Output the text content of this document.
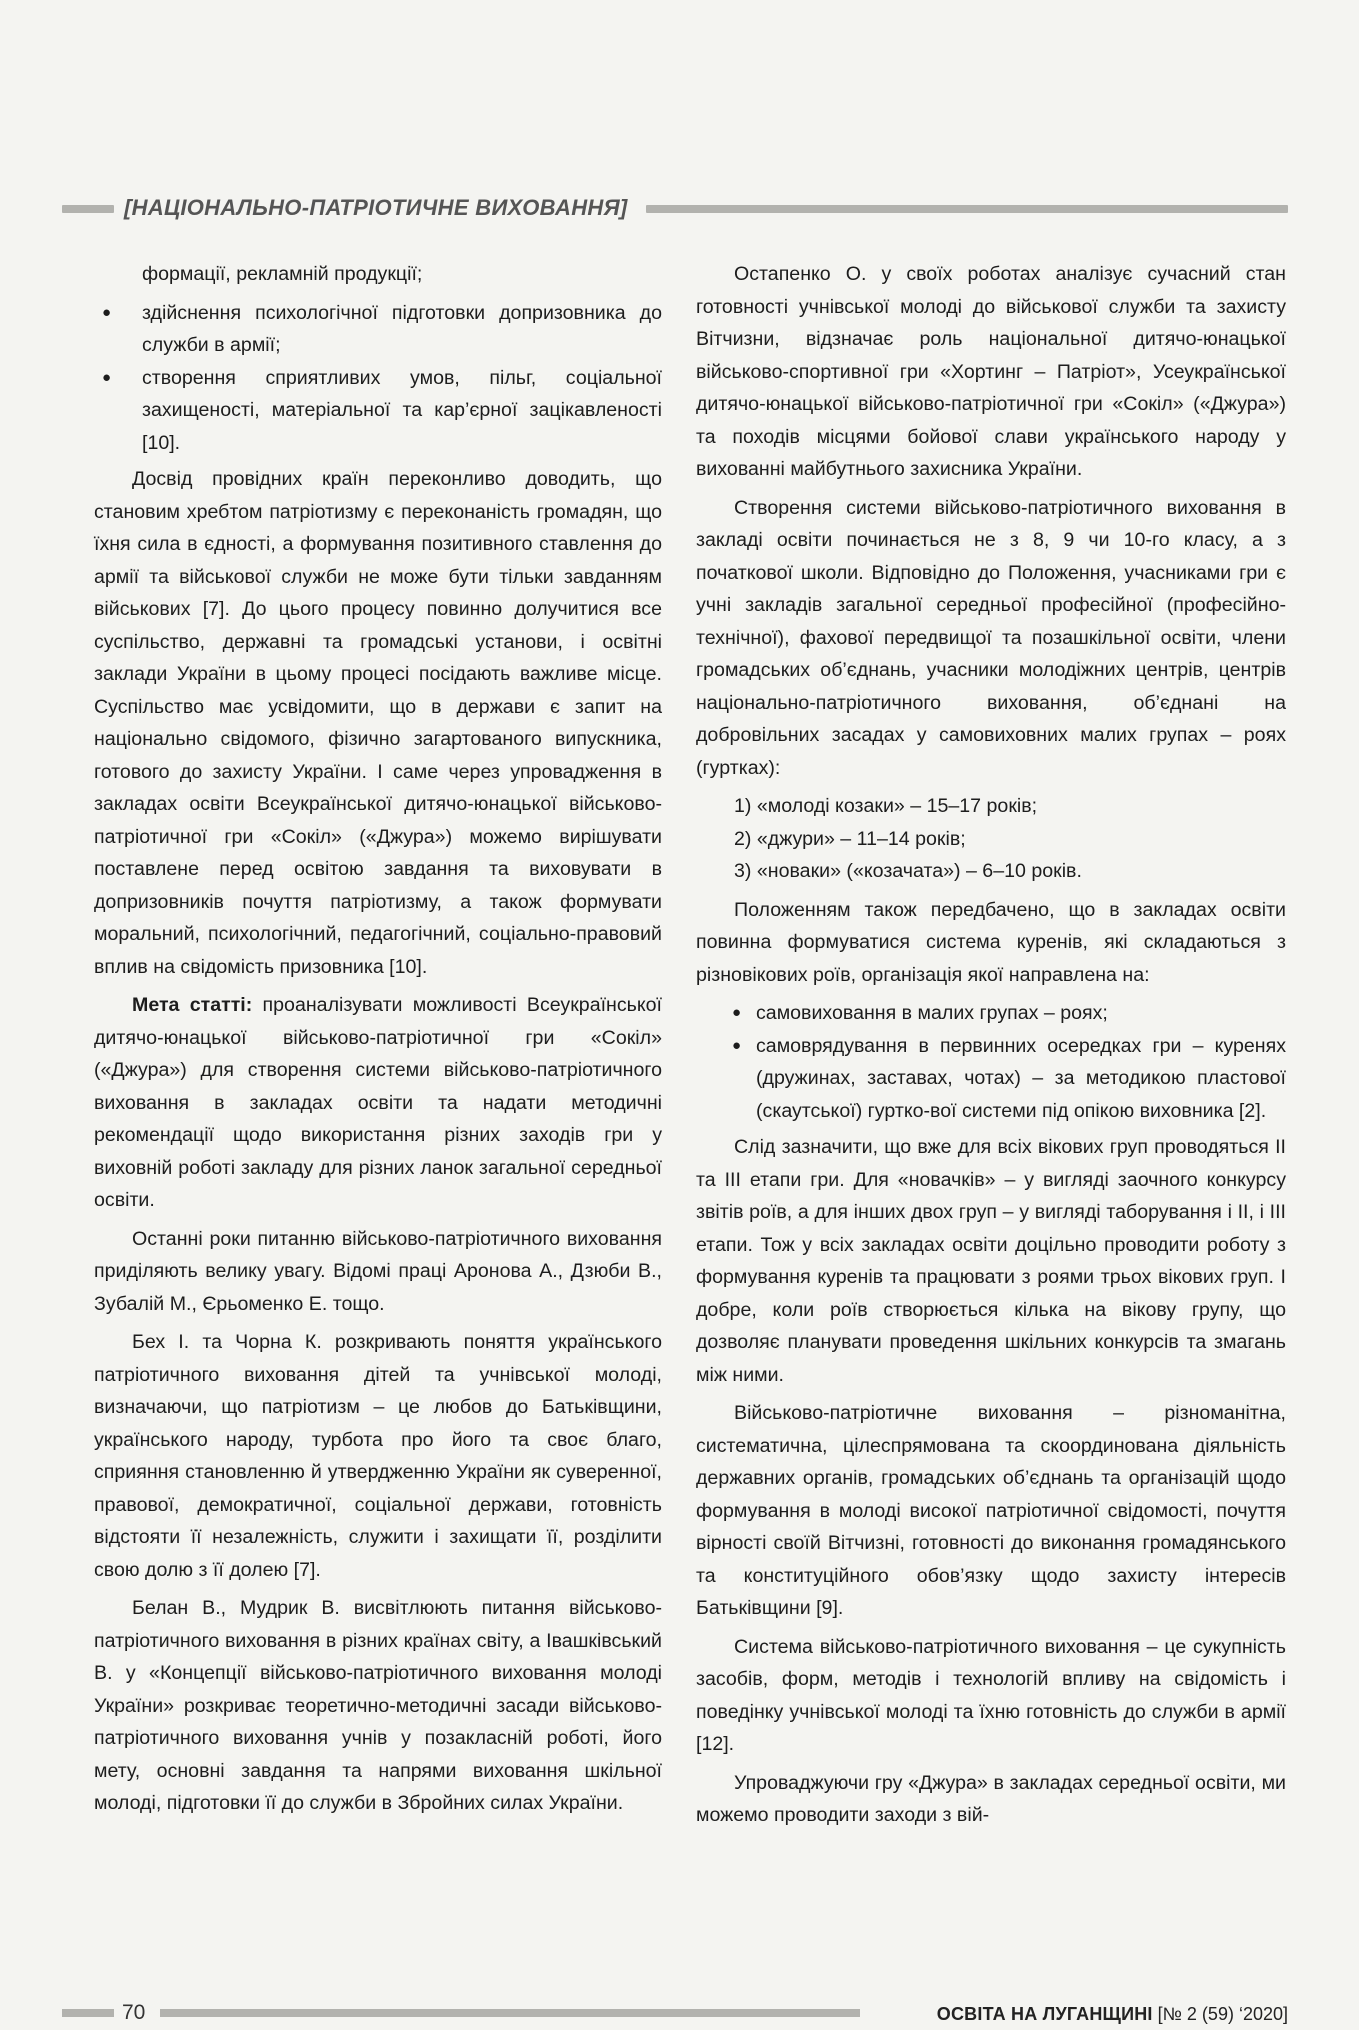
[НАЦІОНАЛЬНО-ПАТРІОТИЧНЕ ВИХОВАННЯ]

формації, рекламній продукції;

● здійснення психологічної підготовки допризовника до служби в армії;
● створення сприятливих умов, пільг, соціальної захищеності, матеріальної та кар’єрної зацікавленості [10].

Досвід провідних країн переконливо доводить, що становим хребтом патріотизму є переконаність громадян, що їхня сила в єдності, а формування позитивного ставлення до армії та військової служби не може бути тільки завданням військових [7]. До цього процесу повинно долучитися все суспільство, державні та громадські установи, і освітні заклади України в цьому процесі посідають важливе місце. Суспільство має усвідомити, що в держави є запит на національно свідомого, фізично загартованого випускника, готового до захисту України. І саме через упровадження в закладах освіти Всеукраїнської дитячо-юнацької військово-патріотичної гри «Сокіл» («Джура») можемо вирішувати поставлене перед освітою завдання та виховувати в допризовників почуття патріотизму, а також формувати моральний, психологічний, педагогічний, соціально-правовий вплив на свідомість призовника [10].

Мета статті: проаналізувати можливості Всеукраїнської дитячо-юнацької військово-патріотичної гри «Сокіл» («Джура») для створення системи військово-патріотичного виховання в закладах освіти та надати методичні рекомендації щодо використання різних заходів гри у виховній роботі закладу для різних ланок загальної середньої освіти.

Останні роки питанню військово-патріотичного виховання приділяють велику увагу. Відомі праці Аронова А., Дзюби В., Зубалій М., Єрьоменко Е. тощо.

Бех І. та Чорна К. розкривають поняття українського патріотичного виховання дітей та учнівської молоді, визначаючи, що патріотизм – це любов до Батьківщини, українського народу, турбота про його та своє благо, сприяння становленню й утвердженню України як суверенної, правової, демократичної, соціальної держави, готовність відстояти її незалежність, служити і захищати її, розділити свою долю з її долею [7].

Белан В., Мудрик В. висвітлюють питання військово-патріотичного виховання в різних країнах світу, а Івашківський В. у «Концепції військово-патріотичного виховання молоді України» розкриває теоретично-методичні засади військово-патріотичного виховання учнів у позакласній роботі, його мету, основні завдання та напрями виховання шкільної молоді, підготовки її до служби в Збройних силах України.

Остапенко О. у своїх роботах аналізує сучасний стан готовності учнівської молоді до військової служби та захисту Вітчизни, відзначає роль національної дитячо-юнацької військово-спортивної гри «Хортинг – Патріот», Усеукраїнської дитячо-юнацької військово-патріотичної гри «Сокіл» («Джура») та походів місцями бойової слави українського народу у вихованні майбутнього захисника України.

Створення системи військово-патріотичного виховання в закладі освіти починається не з 8, 9 чи 10-го класу, а з початкової школи. Відповідно до Положення, учасниками гри є учні закладів загальної середньої професійної (професійно-технічної), фахової передвищої та позашкільної освіти, члени громадських об’єднань, учасники молодіжних центрів, центрів національно-патріотичного виховання, об’єднані на добровільних засадах у самовиховних малих групах – роях (гуртках):

1) «молоді козаки» – 15–17 років;

2) «джури» – 11–14 років;

3) «новаки» («козачата») – 6–10 років.

Положенням також передбачено, що в закладах освіти повинна формуватися система куренів, які складаються з різновікових роїв, організація якої направлена на:

● самовиховання в малих групах – роях;
● самоврядування в первинних осередках гри – куренях (дружинах, заставах, чотах) – за методикою пластової (скаутської) гуртко-вої системи під опікою виховника [2].

Слід зазначити, що вже для всіх вікових груп проводяться ІІ та ІІІ етапи гри. Для «новачків» – у вигляді заочного конкурсу звітів роїв, а для інших двох груп – у вигляді таборування і ІІ, і ІІІ етапи. Тож у всіх закладах освіти доцільно проводити роботу з формування куренів та працювати з роями трьох вікових груп. І добре, коли роїв створюється кілька на вікову групу, що дозволяє планувати проведення шкільних конкурсів та змагань між ними.

Військово-патріотичне виховання – різноманітна, систематична, цілеспрямована та скоординована діяльність державних органів, громадських об’єднань та організацій щодо формування в молоді високої патріотичної свідомості, почуття вірності своїй Вітчизні, готовності до виконання громадянського та конституційного обов’язку щодо захисту інтересів Батьківщини [9].

Система військово-патріотичного виховання – це сукупність засобів, форм, методів і технологій впливу на свідомість і поведінку учнівської молоді та їхню готовність до служби в армії [12].

Упроваджуючи гру «Джура» в закладах середньої освіти, ми можемо проводити заходи з вій-

70	ОСВІТА НА ЛУГАНЩИНІ [№ 2 (59) ‘2020]
